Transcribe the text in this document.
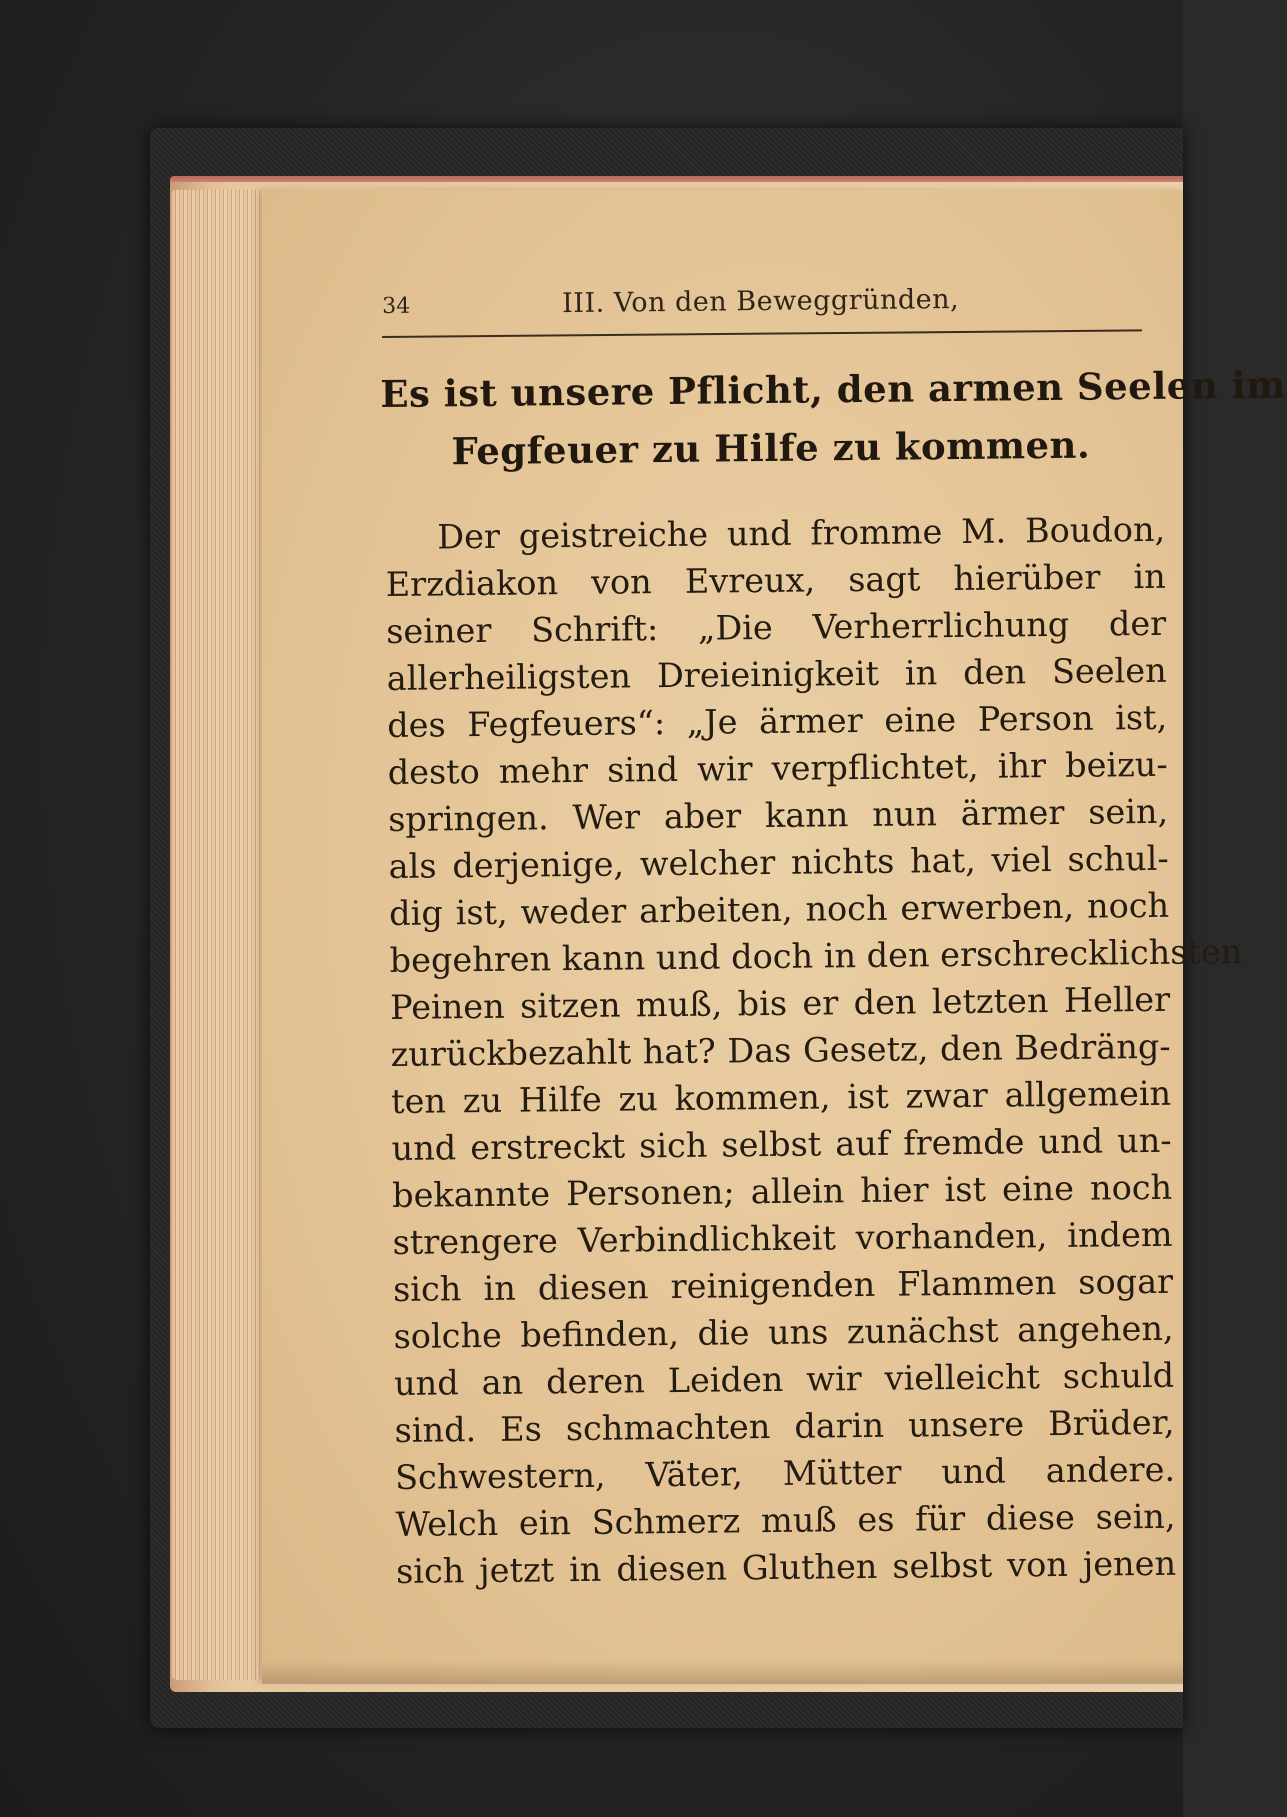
34	III. Von den Beweggründen,
Es ist unsere Pflicht, den armen Seelen im
Fegfeuer zu Hilfe zu kommen.
Der geistreiche und fromme M. Boudon,
Erzdiakon von Evreux, sagt hierüber in
seiner Schrift: „Die Verherrlichung der
allerheiligsten Dreieinigkeit in den Seelen
des Fegfeuers“: „Je ärmer eine Person ist,
desto mehr sind wir verpflichtet, ihr beizu-
springen. Wer aber kann nun ärmer sein,
als derjenige, welcher nichts hat, viel schul-
dig ist, weder arbeiten, noch erwerben, noch
begehren kann und doch in den erschrecklichsten
Peinen sitzen muß, bis er den letzten Heller
zurückbezahlt hat? Das Gesetz, den Bedräng-
ten zu Hilfe zu kommen, ist zwar allgemein
und erstreckt sich selbst auf fremde und un-
bekannte Personen; allein hier ist eine noch
strengere Verbindlichkeit vorhanden, indem
sich in diesen reinigenden Flammen sogar
solche befinden, die uns zunächst angehen,
und an deren Leiden wir vielleicht schuld
sind. Es schmachten darin unsere Brüder,
Schwestern, Väter, Mütter und andere.
Welch ein Schmerz muß es für diese sein,
sich jetzt in diesen Gluthen selbst von jenen
